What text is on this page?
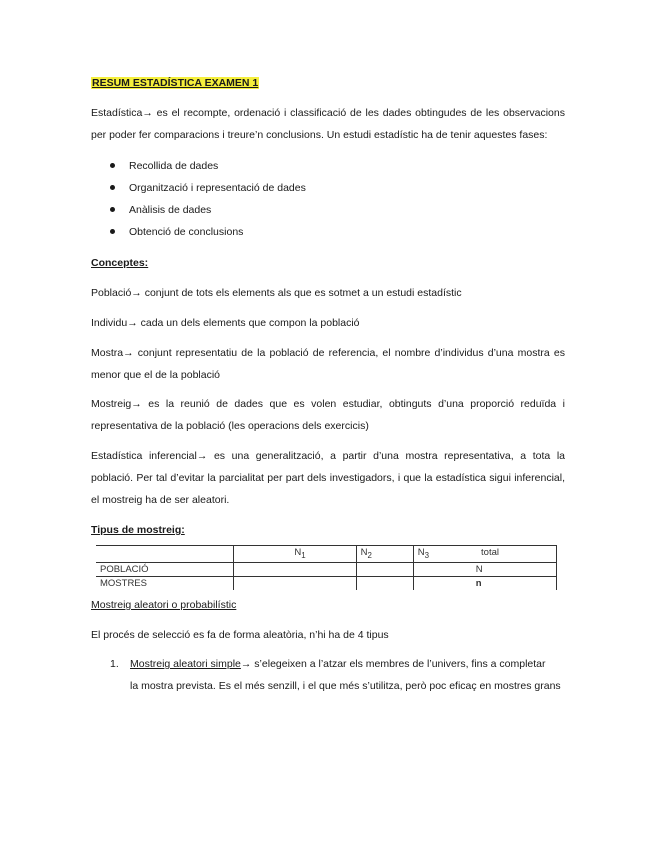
RESUM ESTADÍSTICA EXAMEN 1
Estadística→ es el recompte, ordenació i classificació de les dades obtingudes de les observacions
per poder fer comparacions i treure’n conclusions. Un estudi estadístic ha de tenir aquestes fases:
Recollida de dades
Organització i representació de dades
Anàlisis de dades
Obtenció de conclusions
Conceptes:
Població→ conjunt de tots els elements als que es sotmet a un estudi estadístic
Individu→ cada un dels elements que compon la població
Mostra→ conjunt representatiu de la població de referencia, el nombre d’individus d’una mostra es
menor que el de la població
Mostreig→ es la reunió de dades que es volen estudiar, obtinguts d’una proporció reduïda i
representativa de la població (les operacions dels exercicis)
Estadística inferencial→ es una generalització, a partir d’una mostra representativa, a tota la
població. Per tal d’evitar la parcialitat per part dels investigadors, i que la estadística sigui inferencial,
el mostreig ha de ser aleatori.
Tipus de mostreig:
	$N_1$	$N_2$	$N_3$ total
POBLACIÓ			N
MOSTRES			n
Mostreig aleatori o probabilístic
El procés de selecció es fa de forma aleatòria, n’hi ha de 4 tipus
1. Mostreig aleatori simple→ s’elegeixen a l’atzar els membres de l’univers, fins a completar
la mostra prevista. Es el més senzill, i el que més s’utilitza, però poc eficaç en mostres grans
